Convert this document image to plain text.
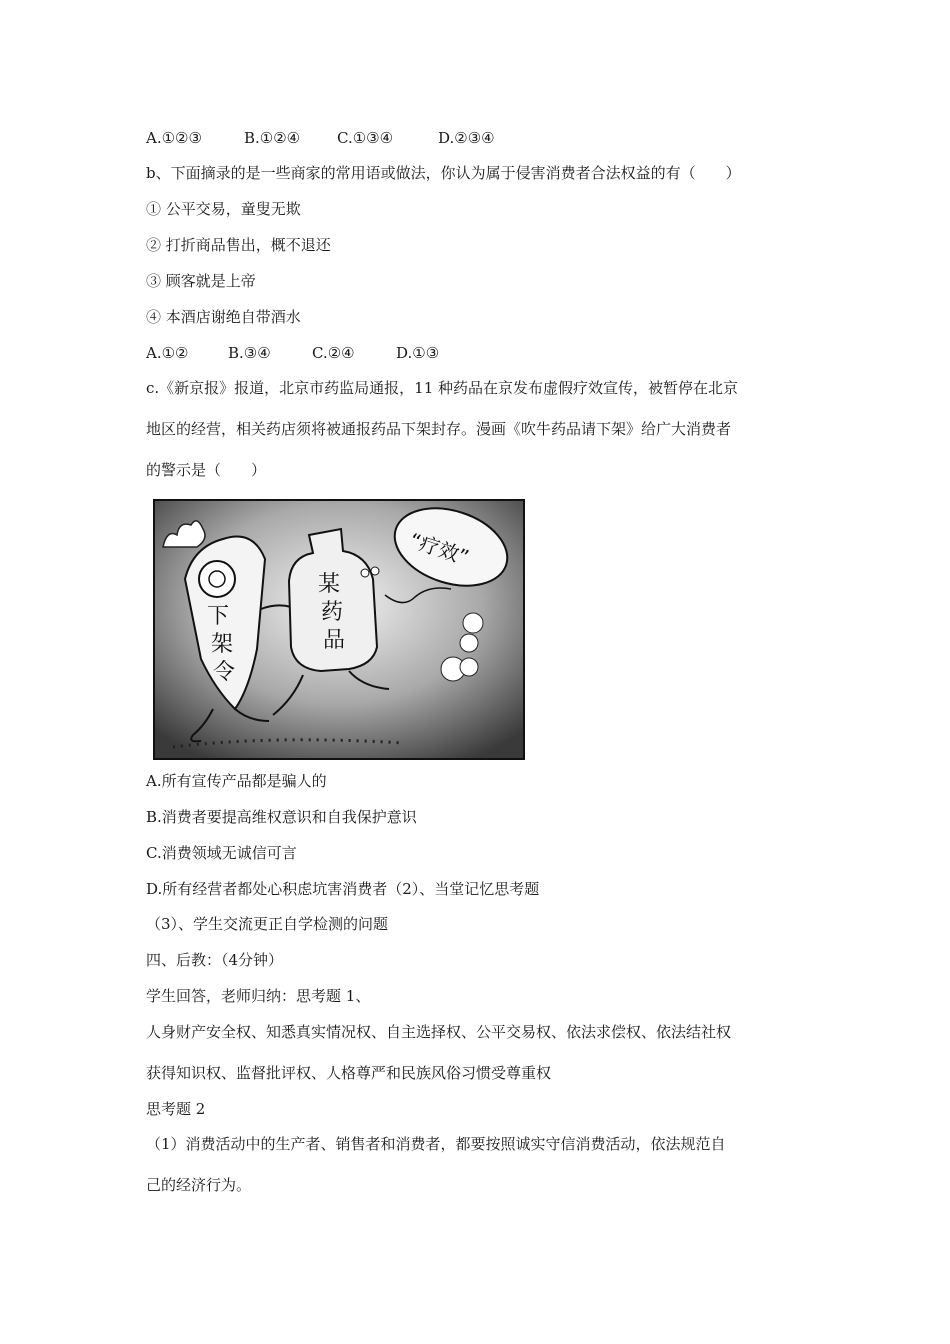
A.①②③	B.①②④ C.①③④	D.②③④
b、下面摘录的是一些商家的常用语或做法，你认为属于侵害消费者合法权益的有（　　）
① 公平交易，童叟无欺
② 打折商品售出，概不退还
③ 顾客就是上帝
④ 本酒店谢绝自带酒水
A.①②	B.③④	C.②④	D.①③
c.《新京报》报道，北京市药监局通报，11 种药品在京发布虚假疗效宣传，被暂停在北京
地区的经营，相关药店须将被通报药品下架封存。漫画《吹牛药品请下架》给广大消费者
的警示是（　　）
下
架
令
某
药
品
“疗效”
A.所有宣传产品都是骗人的
B.消费者要提高维权意识和自我保护意识
C.消费领域无诚信可言
D.所有经营者都处心积虑坑害消费者（2）、当堂记忆思考题
（3）、学生交流更正自学检测的问题
四、后教：（4分钟）
学生回答，老师归纳：思考题 1、
人身财产安全权、知悉真实情况权、自主选择权、公平交易权、依法求偿权、依法结社权
获得知识权、监督批评权、人格尊严和民族风俗习惯受尊重权
思考题 2
（1）消费活动中的生产者、销售者和消费者，都要按照诚实守信消费活动，依法规范自
己的经济行为。
